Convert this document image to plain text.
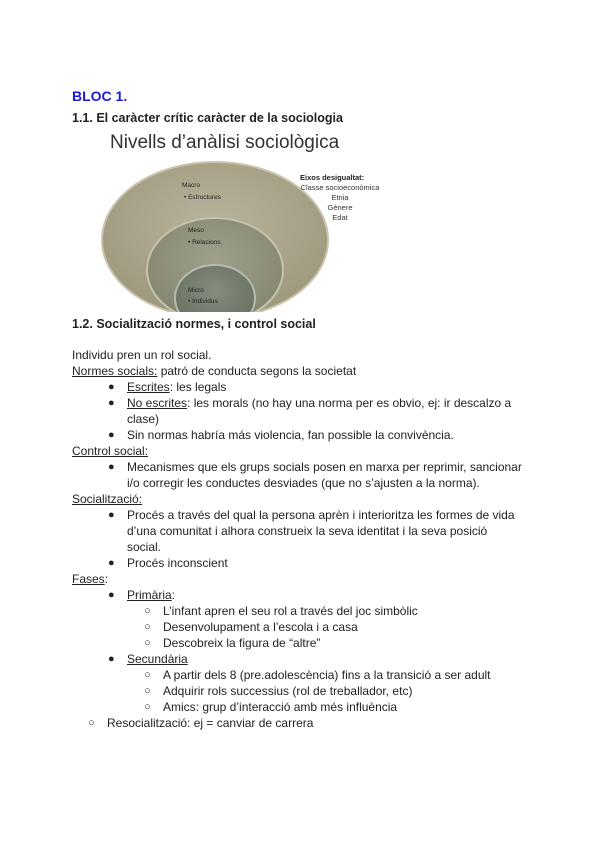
BLOC 1.
1.1. El caràcter crític caràcter de la sociologia
Nivells d’anàlisi sociològica
Macro
• Estructures
Meso
• Relacions
Micro
• Individus
Eixos desigualtat:
Classe socioeconòmica
Etnia
Gènere
Edat
1.2. Socialització normes, i control social
Individu pren un rol social.
Normes socials: patró de conducta segons la societat
● Escrites: les legals
● No escrites: les morals (no hay una norma per es obvio, ej: ir descalzo a
clase)
● Sin normas habría más violencia, fan possible la convivència.
Control social:
● Mecanismes que els grups socials posen en marxa per reprimir, sancionar
i/o corregir les conductes desviades (que no s’ajusten a la norma).
Socialització:
● Procés a través del qual la persona aprèn i interioritza les formes de vida
d’una comunitat i alhora construeix la seva identitat i la seva posició
social.
● Procés inconscient
Fases:
● Primària:
○ L’infant apren el seu rol a través del joc simbòlic
○ Desenvolupament a l’escola i a casa
○ Descobreix la figura de “altre”
● Secundària
○ A partir dels 8 (pre.adolescència) fins a la transició a ser adult
○ Adquirir rols successius (rol de treballador, etc)
○ Amics: grup d’interacció amb més influència
○ Resocialització: ej = canviar de carrera
